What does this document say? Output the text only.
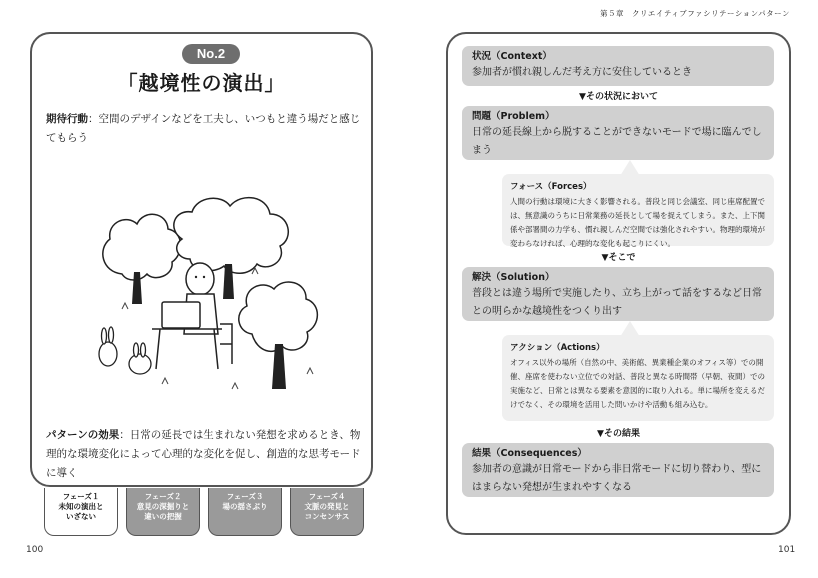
第５章　クリエイティブファシリテーションパターン
No.2
「越境性の演出」
期待行動：空間のデザインなどを工夫し、いつもと違う場だと感じてもらう
パターンの効果：日常の延長では生まれない発想を求めるとき、物理的な環境変化によって心理的な変化を促し、創造的な思考モードに導く
フェーズ１
未知の演出と
いざない
フェーズ２
意見の深掘りと
違いの把握
フェーズ３
場の揺さぶり
フェーズ４
文脈の発見と
コンセンサス
100
状況（Context）
参加者が慣れ親しんだ考え方に安住しているとき
▼その状況において
問題（Problem）
日常の延長線上から脱することができないモードで場に臨んでしまう
フォース（Forces）
人間の行動は環境に大きく影響される。普段と同じ会議室、同じ座席配置では、無意識のうちに日常業務の延長として場を捉えてしまう。また、上下関係や部署間の力学も、慣れ親しんだ空間では強化されやすい。物理的環境が変わらなければ、心理的な変化も起こりにくい。
▼そこで
解決（Solution）
普段とは違う場所で実施したり、立ち上がって話をするなど日常との明らかな越境性をつくり出す
アクション（Actions）
オフィス以外の場所（自然の中、美術館、異業種企業のオフィス等）での開催、座席を使わない立位での対話、普段と異なる時間帯（早朝、夜間）での実施など、日常とは異なる要素を意図的に取り入れる。単に場所を変えるだけでなく、その環境を活用した問いかけや活動も組み込む。
▼その結果
結果（Consequences）
参加者の意識が日常モードから非日常モードに切り替わり、型にはまらない発想が生まれやすくなる
101
